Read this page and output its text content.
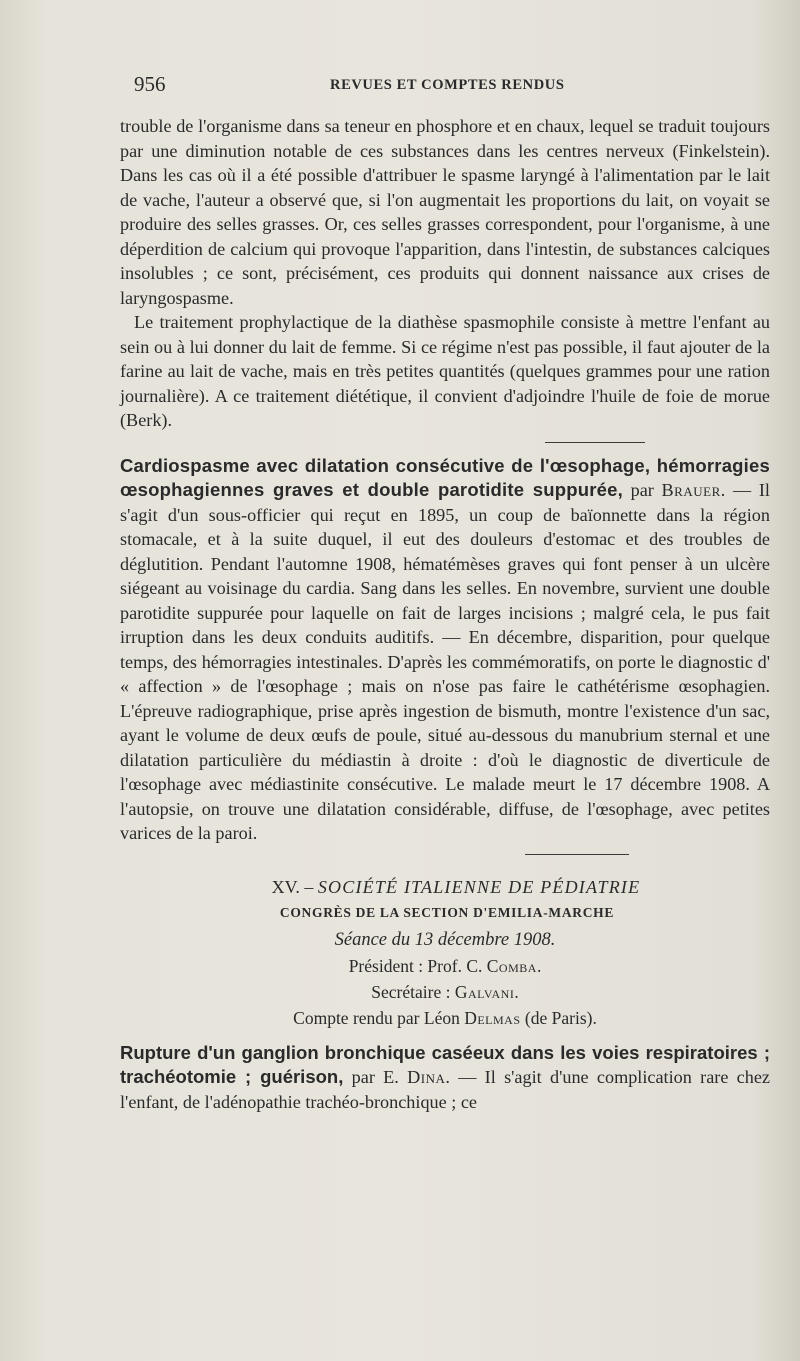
956	REVUES ET COMPTES RENDUS

trouble de l'organisme dans sa teneur en phosphore et en chaux, lequel se traduit toujours par une diminution notable de ces substances dans les centres nerveux (Finkelstein). Dans les cas où il a été possible d'attribuer le spasme laryngé à l'alimentation par le lait de vache, l'auteur a observé que, si l'on augmentait les proportions du lait, on voyait se produire des selles grasses. Or, ces selles grasses correspondent, pour l'organisme, à une déperdition de calcium qui provoque l'apparition, dans l'intestin, de substances calciques insolubles ; ce sont, précisément, ces produits qui donnent naissance aux crises de laryngospasme.

Le traitement prophylactique de la diathèse spasmophile consiste à mettre l'enfant au sein ou à lui donner du lait de femme. Si ce régime n'est pas possible, il faut ajouter de la farine au lait de vache, mais en très petites quantités (quelques grammes pour une ration journalière). A ce traitement diététique, il convient d'adjoindre l'huile de foie de morue (Berk).

Cardiospasme avec dilatation consécutive de l'œsophage, hémorragies œsophagiennes graves et double parotidite suppurée, par Brauer. — Il s'agit d'un sous-officier qui reçut en 1895, un coup de baïonnette dans la région stomacale, et à la suite duquel, il eut des douleurs d'estomac et des troubles de déglutition. Pendant l'automne 1908, hématémèses graves qui font penser à un ulcère siégeant au voisinage du cardia. Sang dans les selles. En novembre, survient une double parotidite suppurée pour laquelle on fait de larges incisions ; malgré cela, le pus fait irruption dans les deux conduits auditifs. — En décembre, disparition, pour quelque temps, des hémorragies intestinales. D'après les commémoratifs, on porte le diagnostic d' « affection » de l'œsophage ; mais on n'ose pas faire le cathétérisme œsophagien. L'épreuve radiographique, prise après ingestion de bismuth, montre l'existence d'un sac, ayant le volume de deux œufs de poule, situé au-dessous du manubrium sternal et une dilatation particulière du médiastin à droite : d'où le diagnostic de diverticule de l'œsophage avec médiastinite consécutive. Le malade meurt le 17 décembre 1908. A l'autopsie, on trouve une dilatation considérable, diffuse, de l'œsophage, avec petites varices de la paroi.

XV. – SOCIÉTÉ ITALIENNE DE PÉDIATRIE
CONGRÈS DE LA SECTION D'EMILIA-MARCHE
Séance du 13 décembre 1908.
Président : Prof. C. Comba.
Secrétaire : Galvani.
Compte rendu par Léon Delmas (de Paris).

Rupture d'un ganglion bronchique caséeux dans les voies respiratoires ; trachéotomie ; guérison, par E. Dina. — Il s'agit d'une complication rare chez l'enfant, de l'adénopathie trachéo-bronchique ; ce
